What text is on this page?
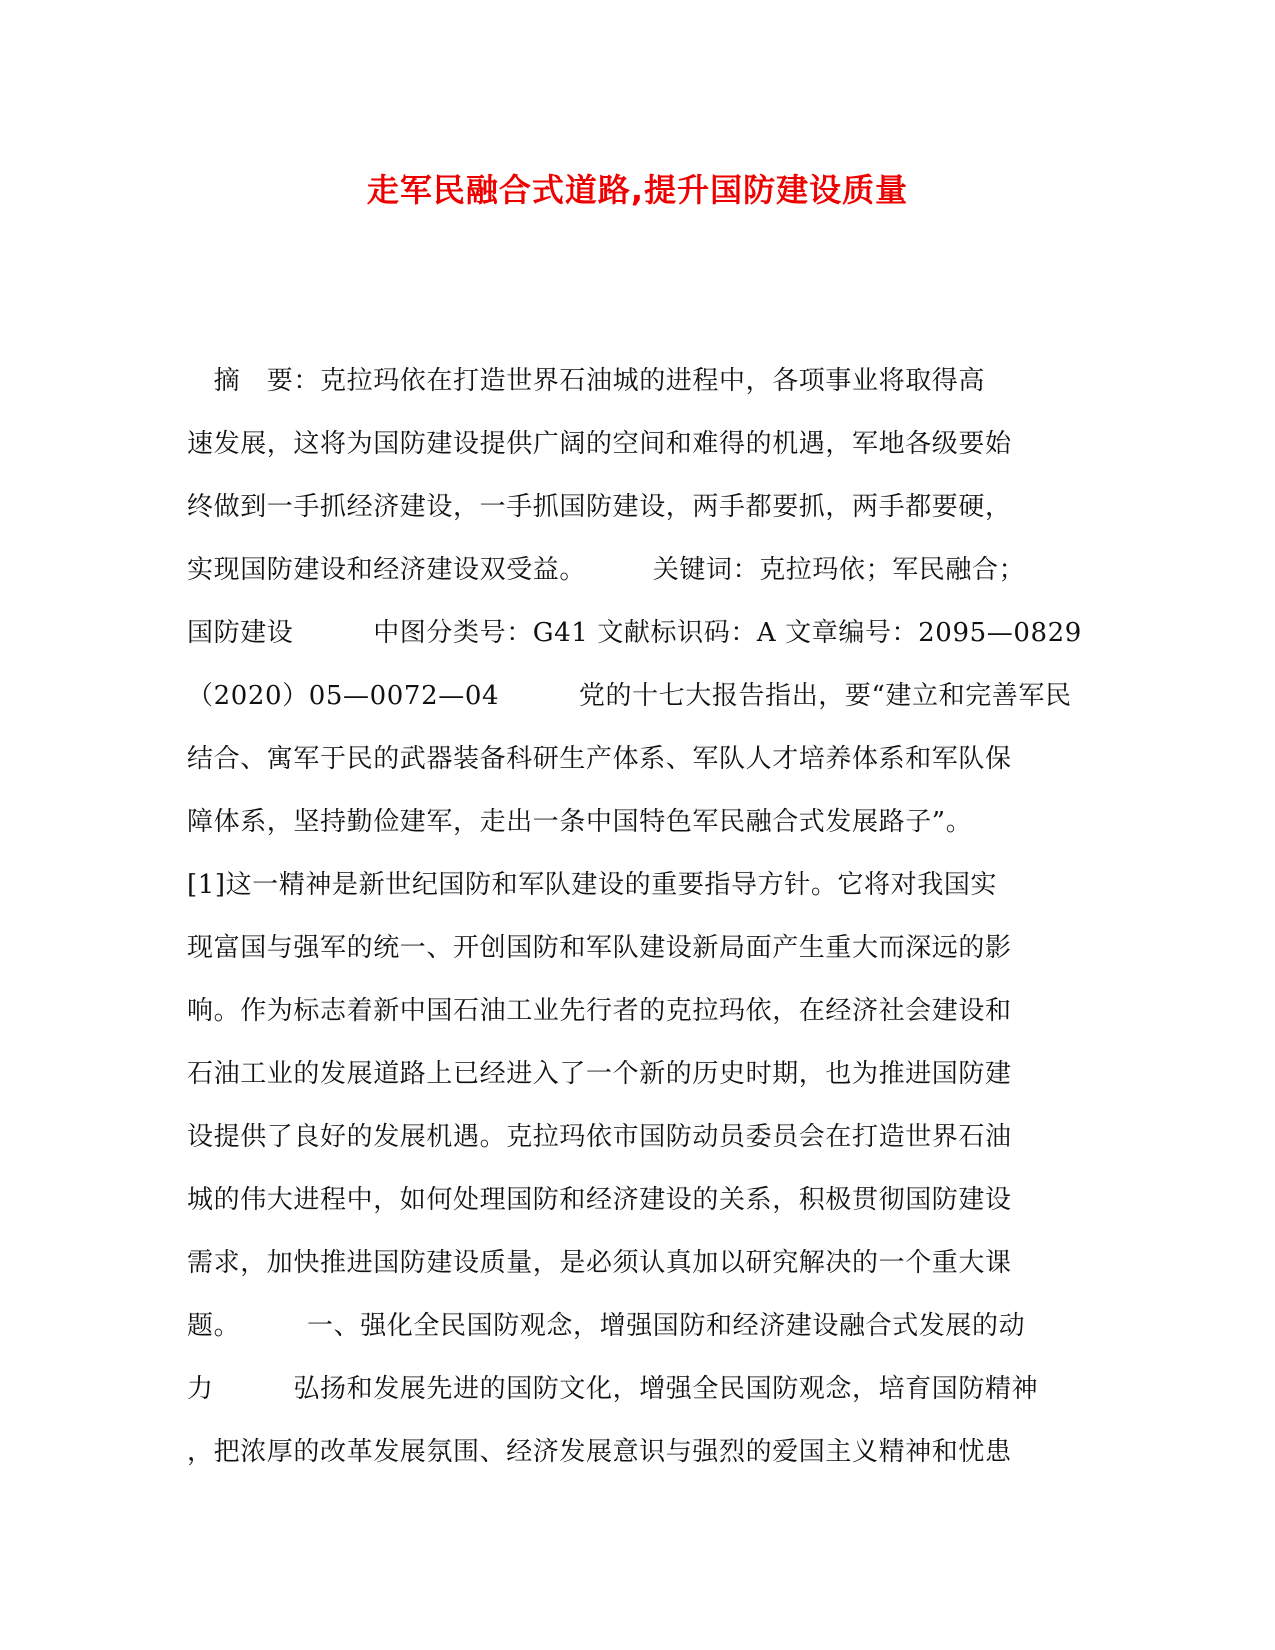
走军民融合式道路,提升国防建设质量
　摘　要：克拉玛依在打造世界石油城的进程中，各项事业将取得高
速发展，这将为国防建设提供广阔的空间和难得的机遇，军地各级要始
终做到一手抓经济建设，一手抓国防建设，两手都要抓，两手都要硬，
实现国防建设和经济建设双受益。　　　关键词：克拉玛依；军民融合；
国防建设　　　中图分类号：G41 文献标识码：A 文章编号：2095—0829
（2020）05—0072—04　　　党的十七大报告指出，要“建立和完善军民
结合、寓军于民的武器装备科研生产体系、军队人才培养体系和军队保
障体系，坚持勤俭建军，走出一条中国特色军民融合式发展路子”。
[1]这一精神是新世纪国防和军队建设的重要指导方针。它将对我国实
现富国与强军的统一、开创国防和军队建设新局面产生重大而深远的影
响。作为标志着新中国石油工业先行者的克拉玛依，在经济社会建设和
石油工业的发展道路上已经进入了一个新的历史时期，也为推进国防建
设提供了良好的发展机遇。克拉玛依市国防动员委员会在打造世界石油
城的伟大进程中，如何处理国防和经济建设的关系，积极贯彻国防建设
需求，加快推进国防建设质量，是必须认真加以研究解决的一个重大课
题。　　　一、强化全民国防观念，增强国防和经济建设融合式发展的动
力　　　弘扬和发展先进的国防文化，增强全民国防观念，培育国防精神
，把浓厚的改革发展氛围、经济发展意识与强烈的爱国主义精神和忧患
